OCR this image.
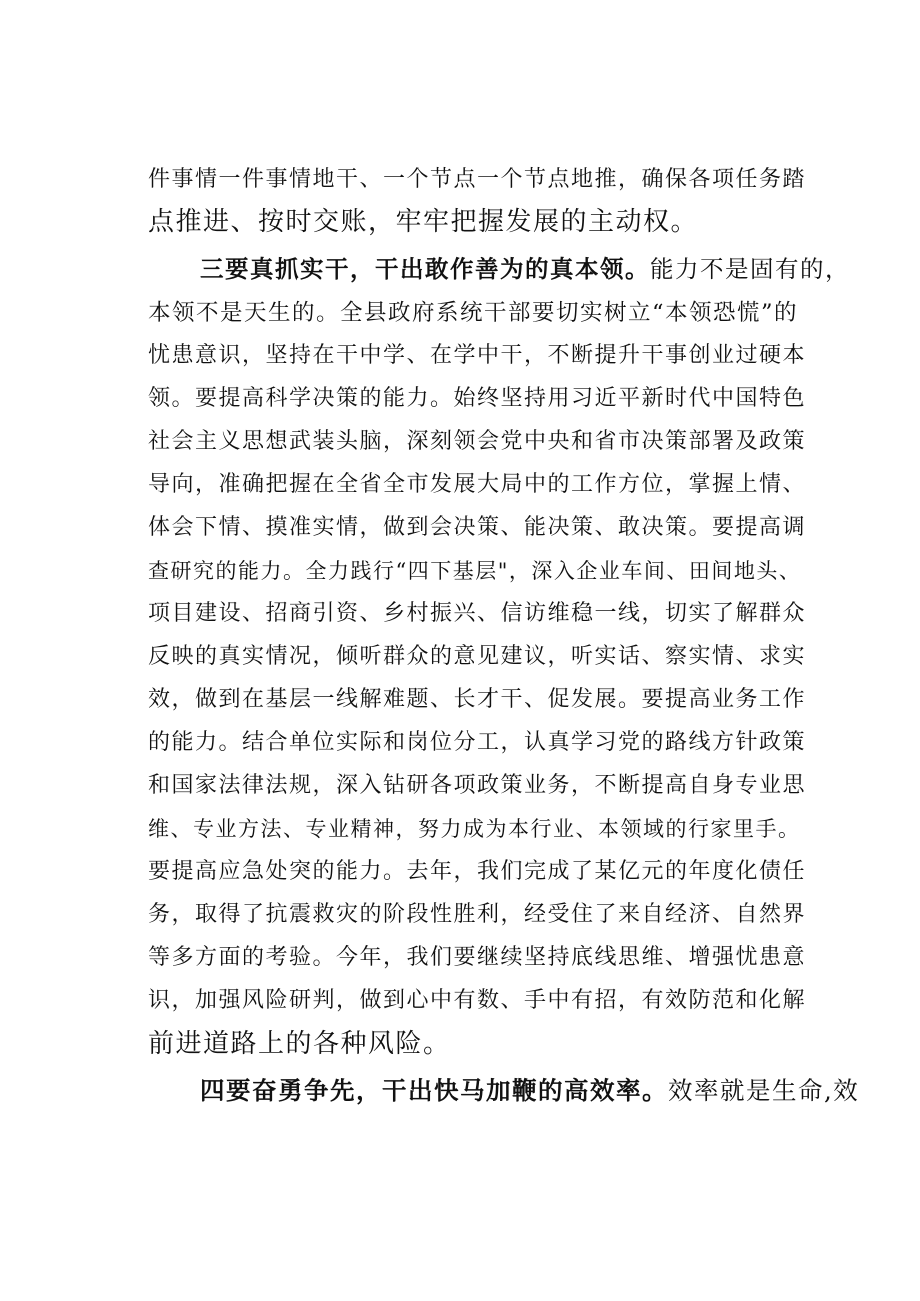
件事情一件事情地干、一个节点一个节点地推，确保各项任务踏
点推进、按时交账，牢牢把握发展的主动权。
三要真抓实干，干出敢作善为的真本领。能力不是固有的，
本领不是天生的。全县政府系统干部要切实树立“本领恐慌”的
忧患意识，坚持在干中学、在学中干，不断提升干事创业过硬本
领。要提高科学决策的能力。始终坚持用习近平新时代中国特色
社会主义思想武装头脑，深刻领会党中央和省市决策部署及政策
导向，准确把握在全省全市发展大局中的工作方位，掌握上情、
体会下情、摸准实情，做到会决策、能决策、敢决策。要提高调
查研究的能力。全力践行“四下基层"，深入企业车间、田间地头、
项目建设、招商引资、乡村振兴、信访维稳一线，切实了解群众
反映的真实情况，倾听群众的意见建议，听实话、察实情、求实
效，做到在基层一线解难题、长才干、促发展。要提高业务工作
的能力。结合单位实际和岗位分工，认真学习党的路线方针政策
和国家法律法规，深入钻研各项政策业务，不断提高自身专业思
维、专业方法、专业精神，努力成为本行业、本领域的行家里手。
要提高应急处突的能力。去年，我们完成了某亿元的年度化债任
务，取得了抗震救灾的阶段性胜利，经受住了来自经济、自然界
等多方面的考验。今年，我们要继续坚持底线思维、增强忧患意
识，加强风险研判，做到心中有数、手中有招，有效防范和化解
前进道路上的各种风险。
四要奋勇争先，干出快马加鞭的高效率。效率就是生命,效
